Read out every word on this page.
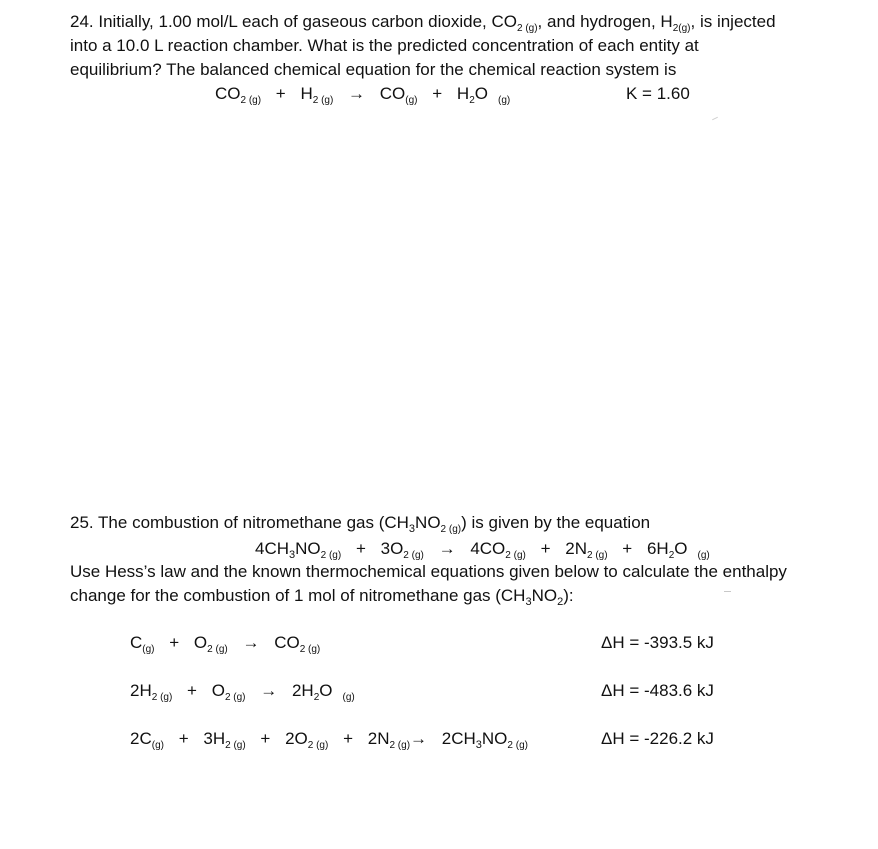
24. Initially, 1.00 mol/L each of gaseous carbon dioxide, $CO_{2 (g)}$, and hydrogen, $H_{2(g)}$, is injected
into a 10.0 L reaction chamber. What is the predicted concentration of each entity at
equilibrium? The balanced chemical equation for the chemical reaction system is
$CO_{2 (g)} + H_{2 (g)} \to CO_{(g)} + H_2O$ $_{(g)}$	K = 1.60
25. The combustion of nitromethane gas $(CH_3NO_{2 (g)})$ is given by the equation
$4CH_3NO_{2 (g)} + 3O_{2 (g)} \to 4CO_{2 (g)} + 2N_{2 (g)} + 6H_2O$ $_{(g)}$
Use Hess’s law and the known thermochemical equations given below to calculate the enthalpy
change for the combustion of 1 mol of nitromethane gas $(CH_3NO_2)$:
$C_{(g)} + O_{2 (g)} \to CO_{2 (g)}$	ΔH = -393.5 kJ
$2H_{2 (g)} + O_{2 (g)} \to 2H_2O$ $_{(g)}$	ΔH = -483.6 kJ
$2C_{(g)} + 3H_{2 (g)} + 2O_{2 (g)} + 2N_{2 (g)}\to 2CH_3NO_{2 (g)}$	ΔH = -226.2 kJ
